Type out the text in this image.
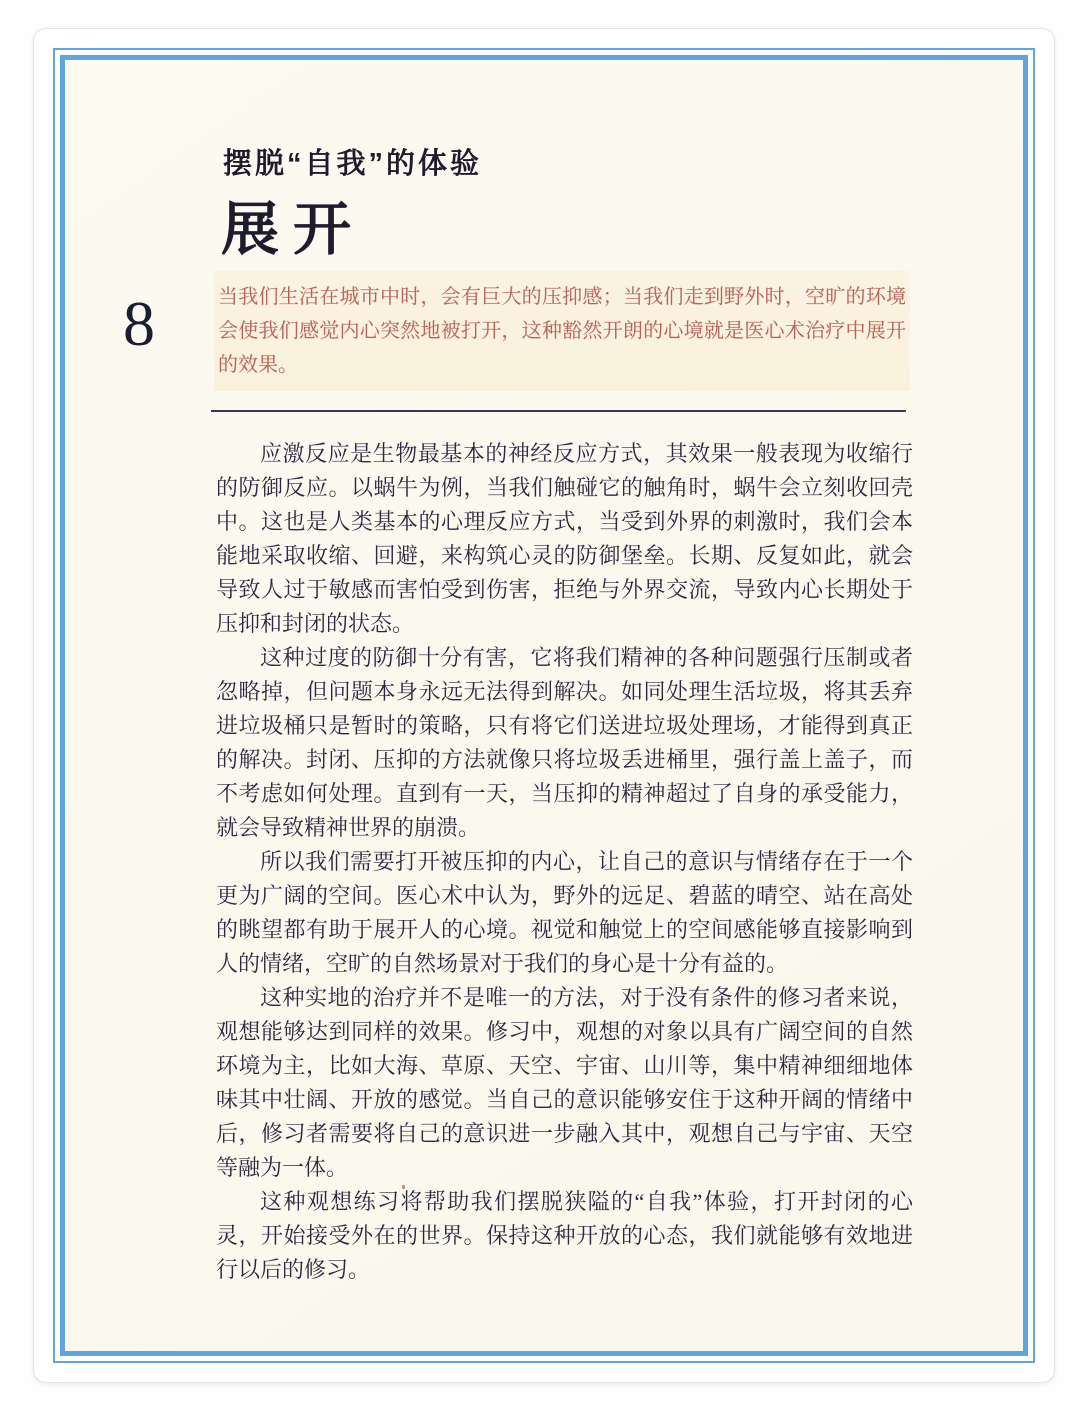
摆脱“自我”的体验
展开
8	当我们生活在城市中时，会有巨大的压抑感；当我们走到野外时，空旷的环境会使我们感觉内心突然地被打开，这种豁然开朗的心境就是医心术治疗中展开的效果。

应激反应是生物最基本的神经反应方式，其效果一般表现为收缩行的防御反应。以蜗牛为例，当我们触碰它的触角时，蜗牛会立刻收回壳中。这也是人类基本的心理反应方式，当受到外界的刺激时，我们会本能地采取收缩、回避，来构筑心灵的防御堡垒。长期、反复如此，就会导致人过于敏感而害怕受到伤害，拒绝与外界交流，导致内心长期处于压抑和封闭的状态。

这种过度的防御十分有害，它将我们精神的各种问题强行压制或者忽略掉，但问题本身永远无法得到解决。如同处理生活垃圾，将其丢弃进垃圾桶只是暂时的策略，只有将它们送进垃圾处理场，才能得到真正的解决。封闭、压抑的方法就像只将垃圾丢进桶里，强行盖上盖子，而不考虑如何处理。直到有一天，当压抑的精神超过了自身的承受能力，就会导致精神世界的崩溃。

所以我们需要打开被压抑的内心，让自己的意识与情绪存在于一个更为广阔的空间。医心术中认为，野外的远足、碧蓝的晴空、站在高处的眺望都有助于展开人的心境。视觉和触觉上的空间感能够直接影响到人的情绪，空旷的自然场景对于我们的身心是十分有益的。

这种实地的治疗并不是唯一的方法，对于没有条件的修习者来说，观想能够达到同样的效果。修习中，观想的对象以具有广阔空间的自然环境为主，比如大海、草原、天空、宇宙、山川等，集中精神细细地体味其中壮阔、开放的感觉。当自己的意识能够安住于这种开阔的情绪中后，修习者需要将自己的意识进一步融入其中，观想自己与宇宙、天空等融为一体。

这种观想练习将帮助我们摆脱狭隘的“自我”体验，打开封闭的心灵，开始接受外在的世界。保持这种开放的心态，我们就能够有效地进行以后的修习。
